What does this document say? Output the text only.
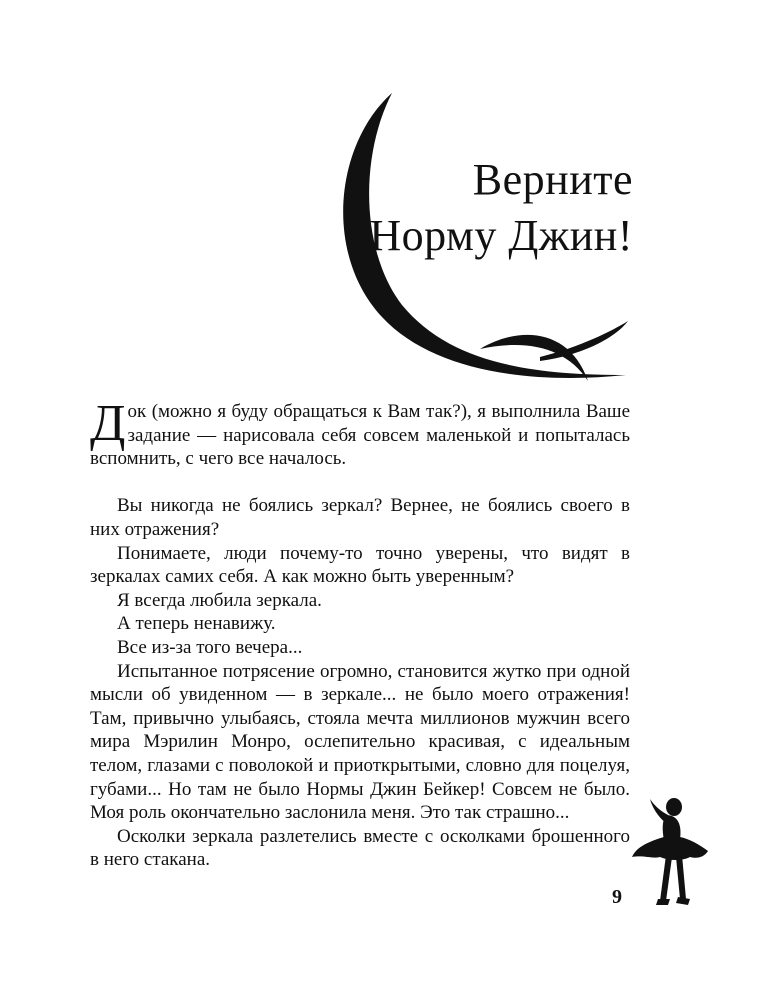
Верните
Норму Джин!

Док (можно я буду обращаться к Вам так?), я выполнила Ваше задание — нарисовала себя совсем маленькой и попыталась вспомнить, с чего все началось.

Вы никогда не боялись зеркал? Вернее, не боялись своего в них отражения?

Понимаете, люди почему-то точно уверены, что видят в зеркалах самих себя. А как можно быть уверенным?

Я всегда любила зеркала.

А теперь ненавижу.

Все из-за того вечера...

Испытанное потрясение огромно, становится жутко при одной мысли об увиденном — в зеркале... не было моего отражения! Там, привычно улыбаясь, стояла мечта миллионов мужчин всего мира Мэрилин Монро, ослепительно красивая, с идеальным телом, глазами с поволокой и приоткрытыми, словно для поцелуя, губами... Но там не было Нормы Джин Бейкер! Совсем не было. Моя роль окончательно заслонила меня. Это так страшно...

Осколки зеркала разлетелись вместе с осколками брошенного в него стакана.

9
